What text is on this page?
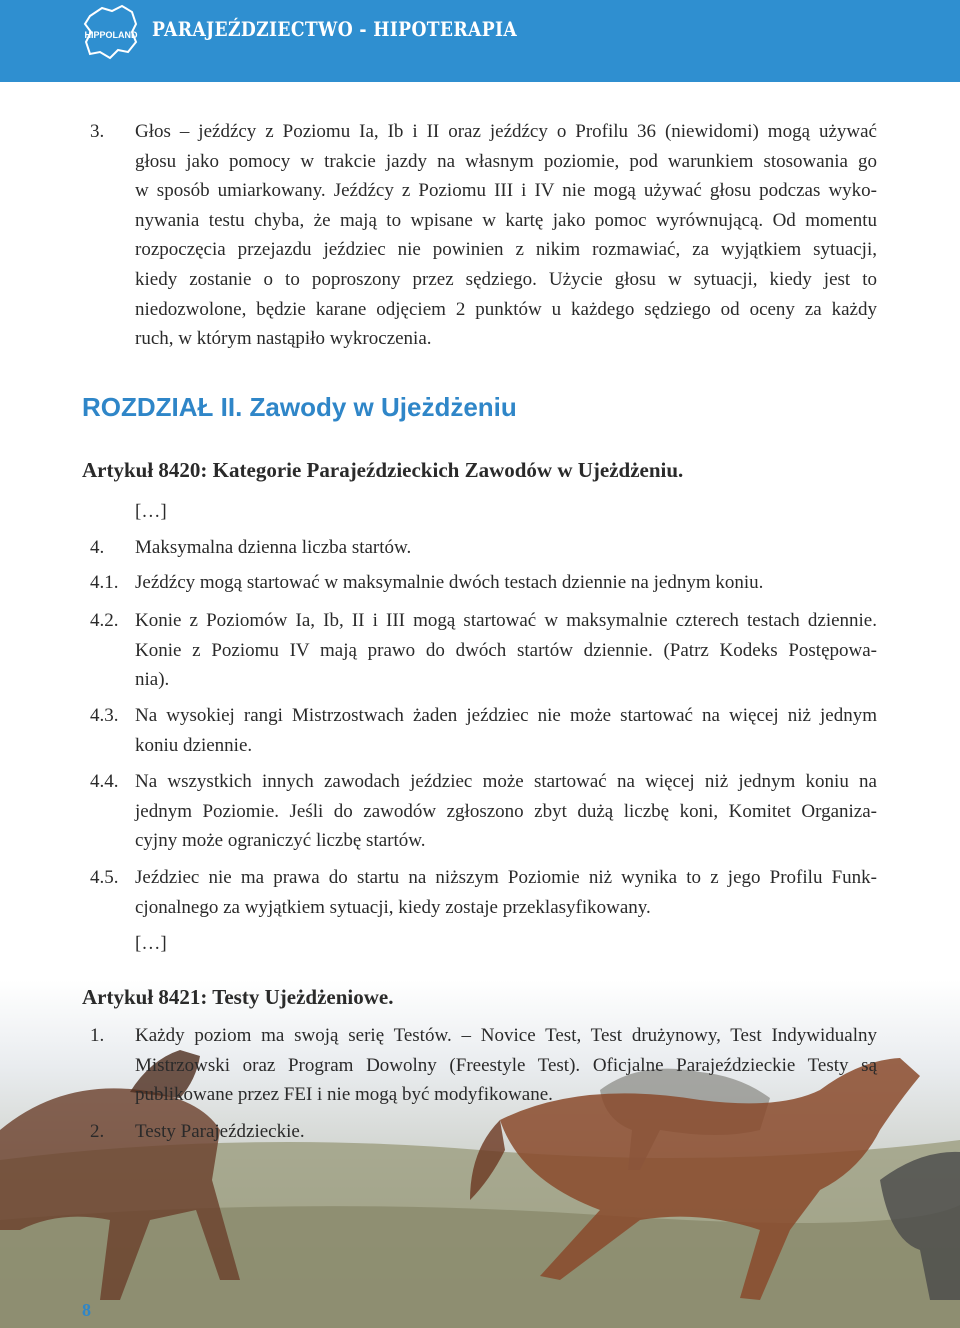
HIPPOLAND PARAJEŹDZIECTWO - HIPOTERAPIA
3. Głos – jeźdźcy z Poziomu Ia, Ib i II oraz jeźdźcy o Profilu 36 (niewidomi) mogą używać
głosu jako pomocy w trakcie jazdy na własnym poziomie, pod warunkiem stosowania go
w sposób umiarkowany. Jeźdźcy z Poziomu III i IV nie mogą używać głosu podczas wyko-
nywania testu chyba, że mają to wpisane w kartę jako pomoc wyrównującą. Od momentu
rozpoczęcia przejazdu jeździec nie powinien z nikim rozmawiać, za wyjątkiem sytuacji,
kiedy zostanie o to poproszony przez sędziego. Użycie głosu w sytuacji, kiedy jest to
niedozwolone, będzie karane odjęciem 2 punktów u każdego sędziego od oceny za każdy
ruch, w którym nastąpiło wykroczenia.
ROZDZIAŁ II. Zawody w Ujeżdżeniu
Artykuł 8420: Kategorie Parajeździeckich Zawodów w Ujeżdżeniu.
[…]
4. Maksymalna dzienna liczba startów.
4.1. Jeźdźcy mogą startować w maksymalnie dwóch testach dziennie na jednym koniu.
4.2. Konie z Poziomów Ia, Ib, II i III mogą startować w maksymalnie czterech testach dziennie.
Konie z Poziomu IV mają prawo do dwóch startów dziennie. (Patrz Kodeks Postępowa-
nia).
4.3. Na wysokiej rangi Mistrzostwach żaden jeździec nie może startować na więcej niż jednym
koniu dziennie.
4.4. Na wszystkich innych zawodach jeździec może startować na więcej niż jednym koniu na
jednym Poziomie. Jeśli do zawodów zgłoszono zbyt dużą liczbę koni, Komitet Organiza-
cyjny może ograniczyć liczbę startów.
4.5. Jeździec nie ma prawa do startu na niższym Poziomie niż wynika to z jego Profilu Funk-
cjonalnego za wyjątkiem sytuacji, kiedy zostaje przeklasyfikowany.
[…]
Artykuł 8421: Testy Ujeżdżeniowe.
1. Każdy poziom ma swoją serię Testów. – Novice Test, Test drużynowy, Test Indywidualny
Mistrzowski oraz Program Dowolny (Freestyle Test). Oficjalne Parajeździeckie Testy są
publikowane przez FEI i nie mogą być modyfikowane.
2. Testy Parajeździeckie.
8
